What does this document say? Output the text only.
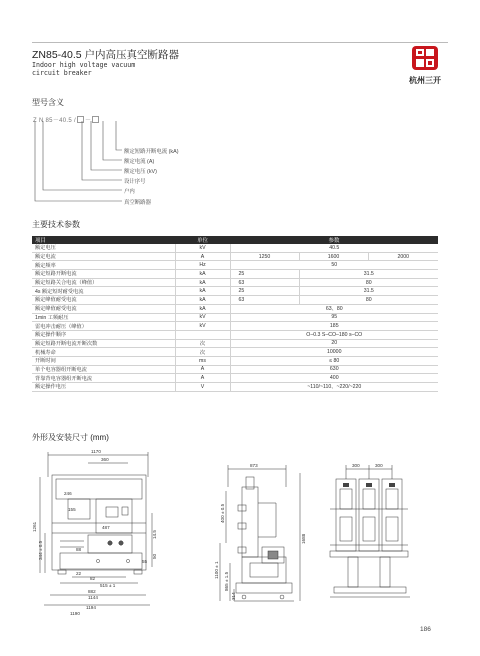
ZN85-40.5 户内高压真空断路器
Indoor high voltage vacuum
circuit breaker
杭州三开
型号含义
Z N 85－40.5 / －
额定短路开断电流 (kA)
额定电流 (A)
额定电压 (kV)
设计序号
户内
真空断路器
主要技术参数
项目	单位	参数		
额定电压	kV	40.5		
额定电流	A	1250	1600	2000
额定频率	Hz	50		
额定短路开断电流	kA	25	31.5	
额定短路关合电流（峰值）	kA	63	80	
4s 额定短时耐受电流	kA	25	31.5	
额定峰值耐受电流	kA	63	80	
额定峰值耐受电流	kA	63、80		
1min 工频耐压	kV	95		
雷电冲击耐压（峰值）	kV	185		
额定操作顺序		O–0.3 S–CO–180 s–CO		
额定短路开断电流开断次数	次	20		
机械寿命	次	10000		
开断时间	ms	≤ 80		
单个电容器组开断电流	A	630		
背靠背电容器组开断电流	A	400		
额定操作电压	V	~110/~110、~220/~220		
外形及安装尺寸 (mm)
1170
360
1261
344 ± 0.5
246
155
487
14.5
50
55
88
22
82
515 ± 1
882
1144
1194
1190
873
400 ± 0.5
1100 ± 1
865 ± 1.5
314
1688
300	300
186
